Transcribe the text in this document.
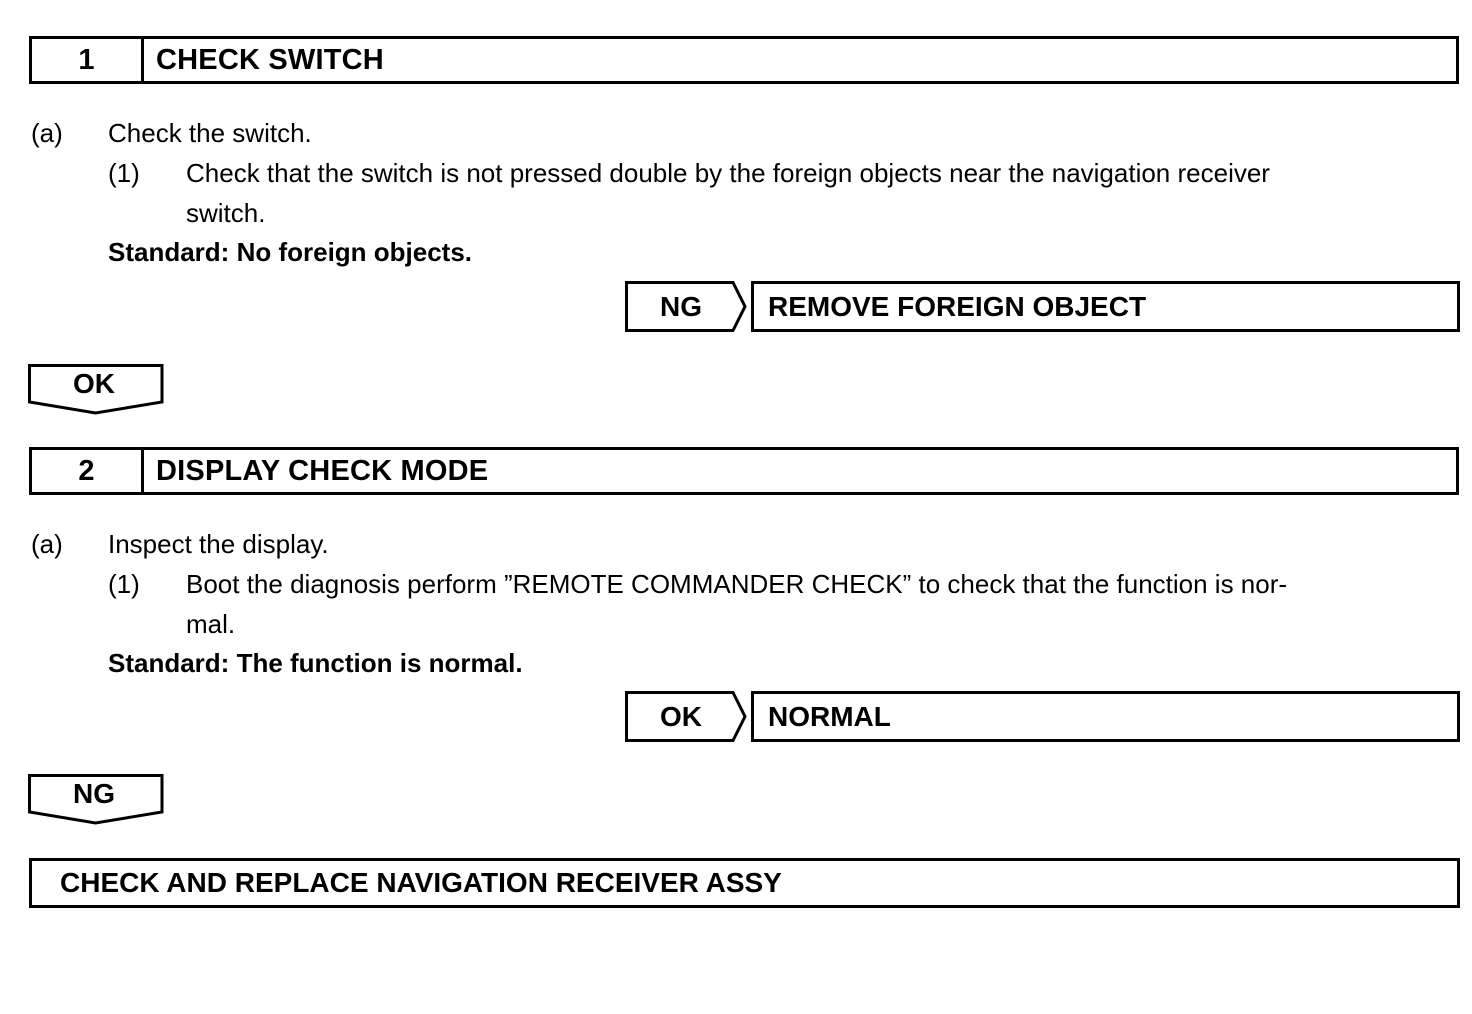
1	CHECK SWITCH
(a) Check the switch.
(1) Check that the switch is not pressed double by the foreign objects near the navigation receiver
switch.
Standard: No foreign objects.
NG	REMOVE FOREIGN OBJECT
OK
2	DISPLAY CHECK MODE
(a) Inspect the display.
(1) Boot the diagnosis perform ”REMOTE COMMANDER CHECK” to check that the function is nor-
mal.
Standard: The function is normal.
OK	NORMAL
NG
CHECK AND REPLACE NAVIGATION RECEIVER ASSY
